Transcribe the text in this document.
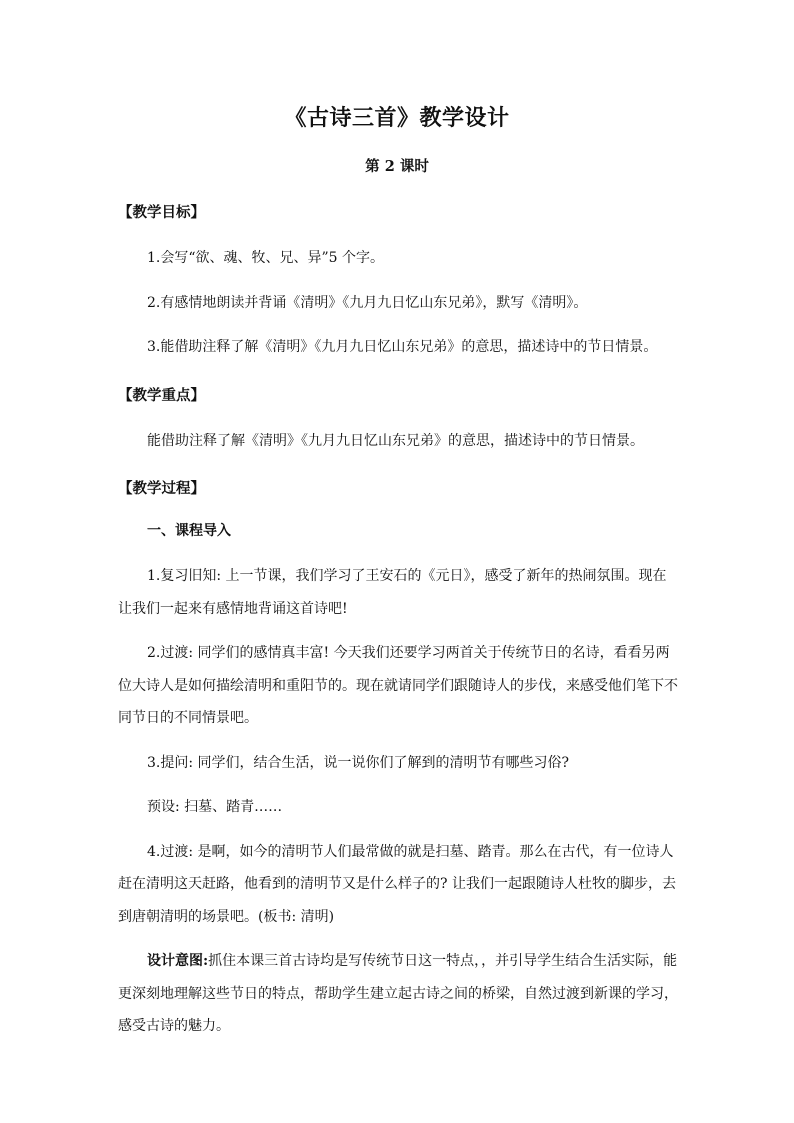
《古诗三首》教学设计
第 2 课时

【教学目标】

1.会写“欲、魂、牧、兄、异”5 个字。

2.有感情地朗读并背诵《清明》《九月九日忆山东兄弟》，默写《清明》。

3.能借助注释了解《清明》《九月九日忆山东兄弟》的意思，描述诗中的节日情景。

【教学重点】

能借助注释了解《清明》《九月九日忆山东兄弟》的意思，描述诗中的节日情景。

【教学过程】

一、课程导入

1.复习旧知: 上一节课，我们学习了王安石的《元日》，感受了新年的热闹氛围。现在让我们一起来有感情地背诵这首诗吧!

2.过渡: 同学们的感情真丰富! 今天我们还要学习两首关于传统节日的名诗，看看另两位大诗人是如何描绘清明和重阳节的。现在就请同学们跟随诗人的步伐，来感受他们笔下不同节日的不同情景吧。

3.提问: 同学们，结合生活，说一说你们了解到的清明节有哪些习俗?

预设: 扫墓、踏青……

4.过渡: 是啊，如今的清明节人们最常做的就是扫墓、踏青。那么在古代，有一位诗人赶在清明这天赶路，他看到的清明节又是什么样子的? 让我们一起跟随诗人杜牧的脚步，去到唐朝清明的场景吧。(板书: 清明)

设计意图:抓住本课三首古诗均是写传统节日这一特点，，并引导学生结合生活实际，能更深刻地理解这些节日的特点，帮助学生建立起古诗之间的桥梁，自然过渡到新课的学习，感受古诗的魅力。
